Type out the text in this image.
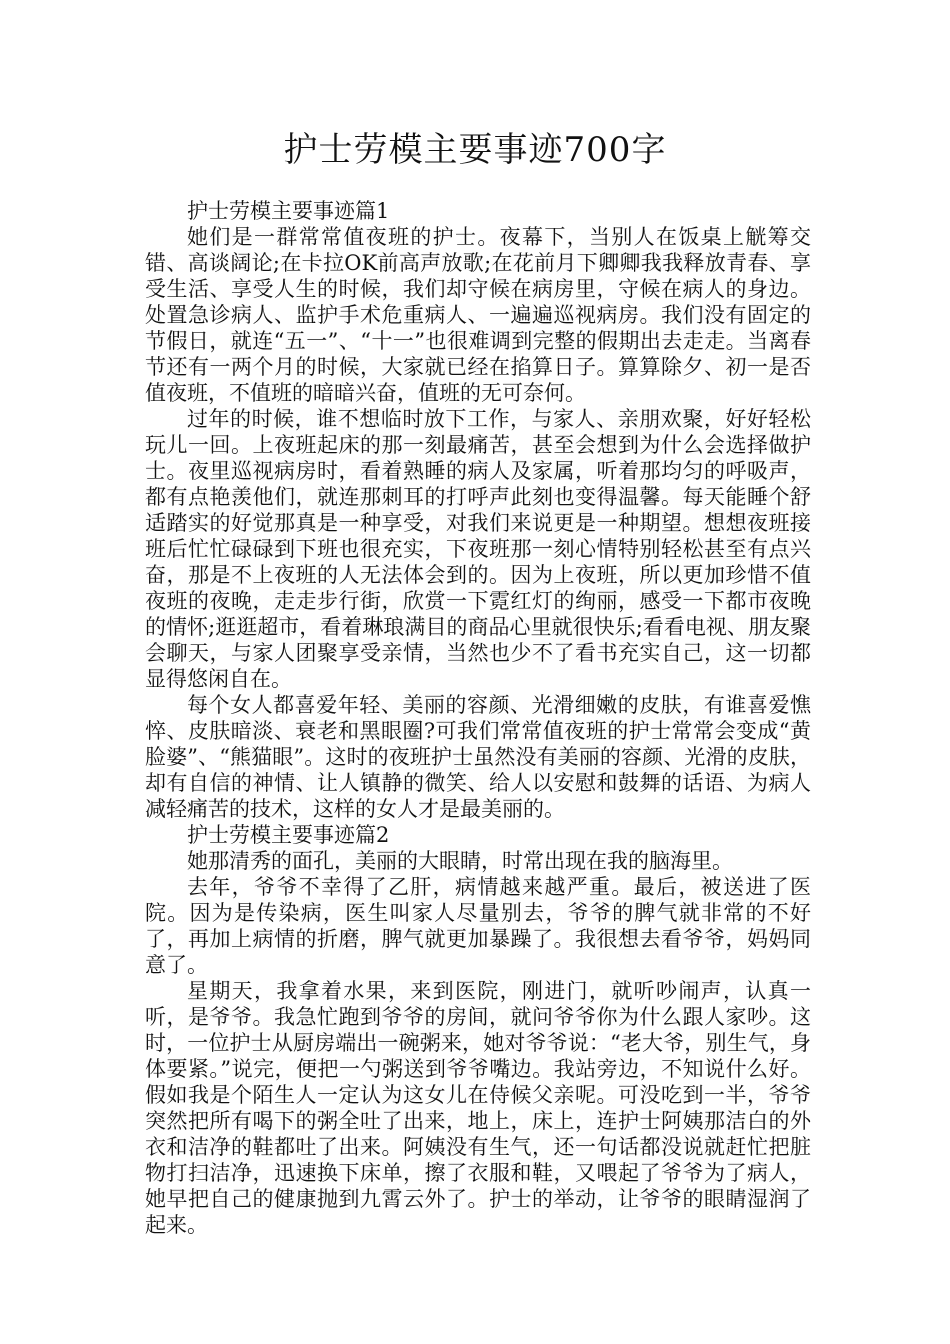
护士劳模主要事迹700字

护士劳模主要事迹篇1

她们是一群常常值夜班的护士。夜幕下，当别人在饭桌上觥筹交错、高谈阔论;在卡拉OK前高声放歌;在花前月下卿卿我我释放青春、享受生活、享受人生的时候，我们却守候在病房里，守候在病人的身边。处置急诊病人、监护手术危重病人、一遍遍巡视病房。我们没有固定的节假日，就连“五一”、“十一”也很难调到完整的假期出去走走。当离春节还有一两个月的时候，大家就已经在掐算日子。算算除夕、初一是否值夜班，不值班的暗暗兴奋，值班的无可奈何。

过年的时候，谁不想临时放下工作，与家人、亲朋欢聚，好好轻松玩儿一回。上夜班起床的那一刻最痛苦，甚至会想到为什么会选择做护士。夜里巡视病房时，看着熟睡的病人及家属，听着那均匀的呼吸声，都有点艳羡他们，就连那刺耳的打呼声此刻也变得温馨。每天能睡个舒适踏实的好觉那真是一种享受，对我们来说更是一种期望。想想夜班接班后忙忙碌碌到下班也很充实，下夜班那一刻心情特别轻松甚至有点兴奋，那是不上夜班的人无法体会到的。因为上夜班，所以更加珍惜不值夜班的夜晚，走走步行街，欣赏一下霓红灯的绚丽，感受一下都市夜晚的情怀;逛逛超市，看着琳琅满目的商品心里就很快乐;看看电视、朋友聚会聊天，与家人团聚享受亲情，当然也少不了看书充实自己，这一切都显得悠闲自在。

每个女人都喜爱年轻、美丽的容颜、光滑细嫩的皮肤，有谁喜爱憔悴、皮肤暗淡、衰老和黑眼圈?可我们常常值夜班的护士常常会变成“黄脸婆”、“熊猫眼”。这时的夜班护士虽然没有美丽的容颜、光滑的皮肤，却有自信的神情、让人镇静的微笑、给人以安慰和鼓舞的话语、为病人减轻痛苦的技术，这样的女人才是最美丽的。

护士劳模主要事迹篇2

她那清秀的面孔，美丽的大眼睛，时常出现在我的脑海里。

去年，爷爷不幸得了乙肝，病情越来越严重。最后，被送进了医院。因为是传染病，医生叫家人尽量别去，爷爷的脾气就非常的不好了，再加上病情的折磨，脾气就更加暴躁了。我很想去看爷爷，妈妈同意了。

星期天，我拿着水果，来到医院，刚进门，就听吵闹声，认真一听，是爷爷。我急忙跑到爷爷的房间，就问爷爷你为什么跟人家吵。这时，一位护士从厨房端出一碗粥来，她对爷爷说：“老大爷，别生气，身体要紧。”说完，便把一勺粥送到爷爷嘴边。我站旁边，不知说什么好。假如我是个陌生人一定认为这女儿在侍候父亲呢。可没吃到一半，爷爷突然把所有喝下的粥全吐了出来，地上，床上，连护士阿姨那洁白的外衣和洁净的鞋都吐了出来。阿姨没有生气，还一句话都没说就赶忙把脏物打扫洁净，迅速换下床单，擦了衣服和鞋，又喂起了爷爷为了病人，她早把自己的健康抛到九霄云外了。护士的举动，让爷爷的眼睛湿润了起来。
